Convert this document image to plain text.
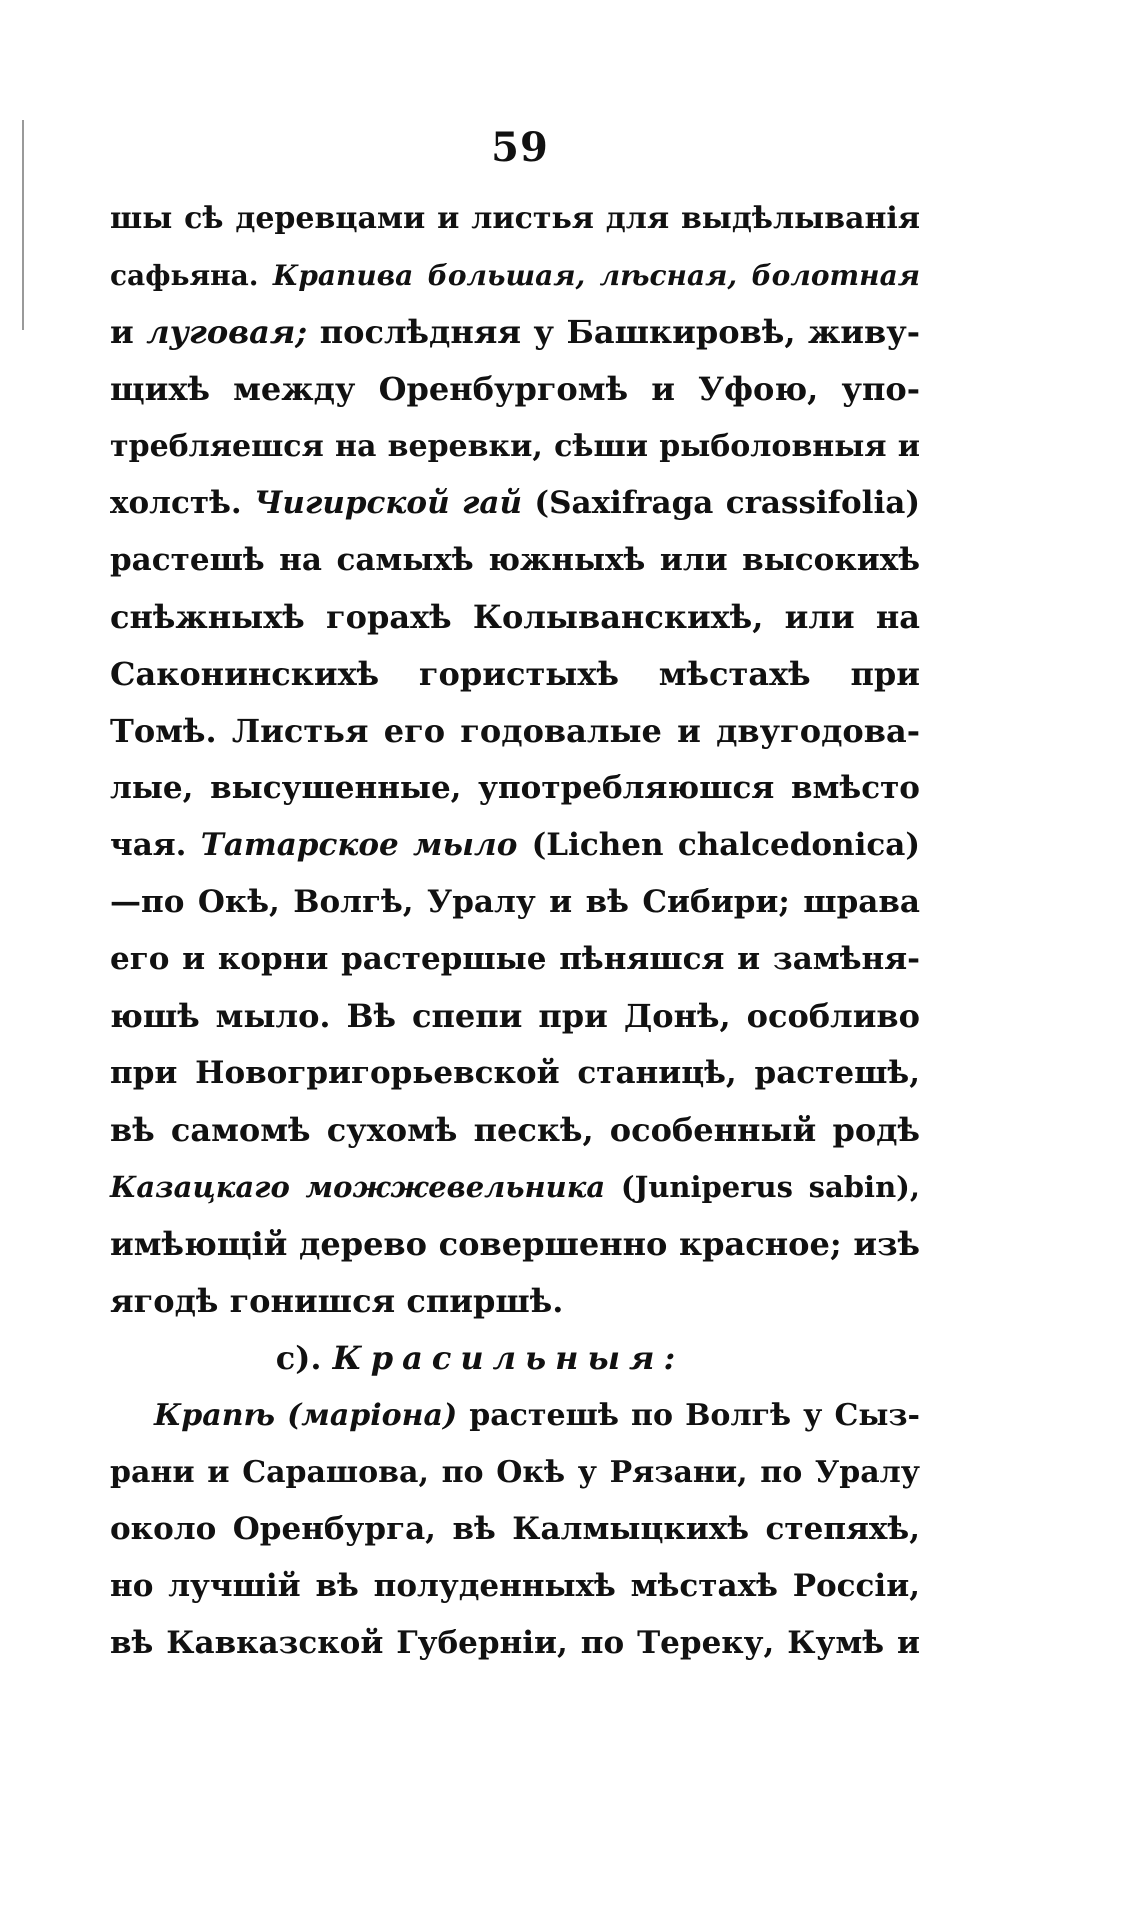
59
шы сѣ деревцами и листья для выдѣлыванія
сафьяна. Крапива большая, лѣсная, болотная
и луговая; послѣдняя у Башкировѣ, живу-
щихѣ между Оренбургомѣ и Уфою, упо-
требляешся на веревки, сѣши рыболовныя и
холстѣ. Чигирской гай (Saxifraga crassifolia)
растешѣ на самыхѣ южныхѣ или высокихѣ
снѣжныхѣ горахѣ Колыванскихѣ, или на
Саконинскихѣ гористыхѣ мѣстахѣ при
Томѣ. Листья его годовалые и двугодова-
лые, высушенные, употребляюшся вмѣсто
чая. Татарское мыло (Lichen chalcedonica)
—по Окѣ, Волгѣ, Уралу и вѣ Сибири; шрава
его и корни растершые пѣняшся и замѣня-
юшѣ мыло. Вѣ спепи при Донѣ, особливо
при Новогригорьевской станицѣ, растешѣ,
вѣ самомѣ сухомѣ пескѣ, особенный родѣ
Казацкаго можжевельника (Juniperus sabin),
имѣющій дерево совершенно красное; изѣ
ягодѣ гонишся спиршѣ.
с). Красильныя:
Крапѣ (маріона) растешѣ по Волгѣ у Сыз-
рани и Сарашова, по Окѣ у Рязани, по Уралу
около Оренбурга, вѣ Калмыцкихѣ степяхѣ,
но лучшій вѣ полуденныхѣ мѣстахѣ Россіи,
вѣ Кавказской Губерніи, по Тереку, Кумѣ и
